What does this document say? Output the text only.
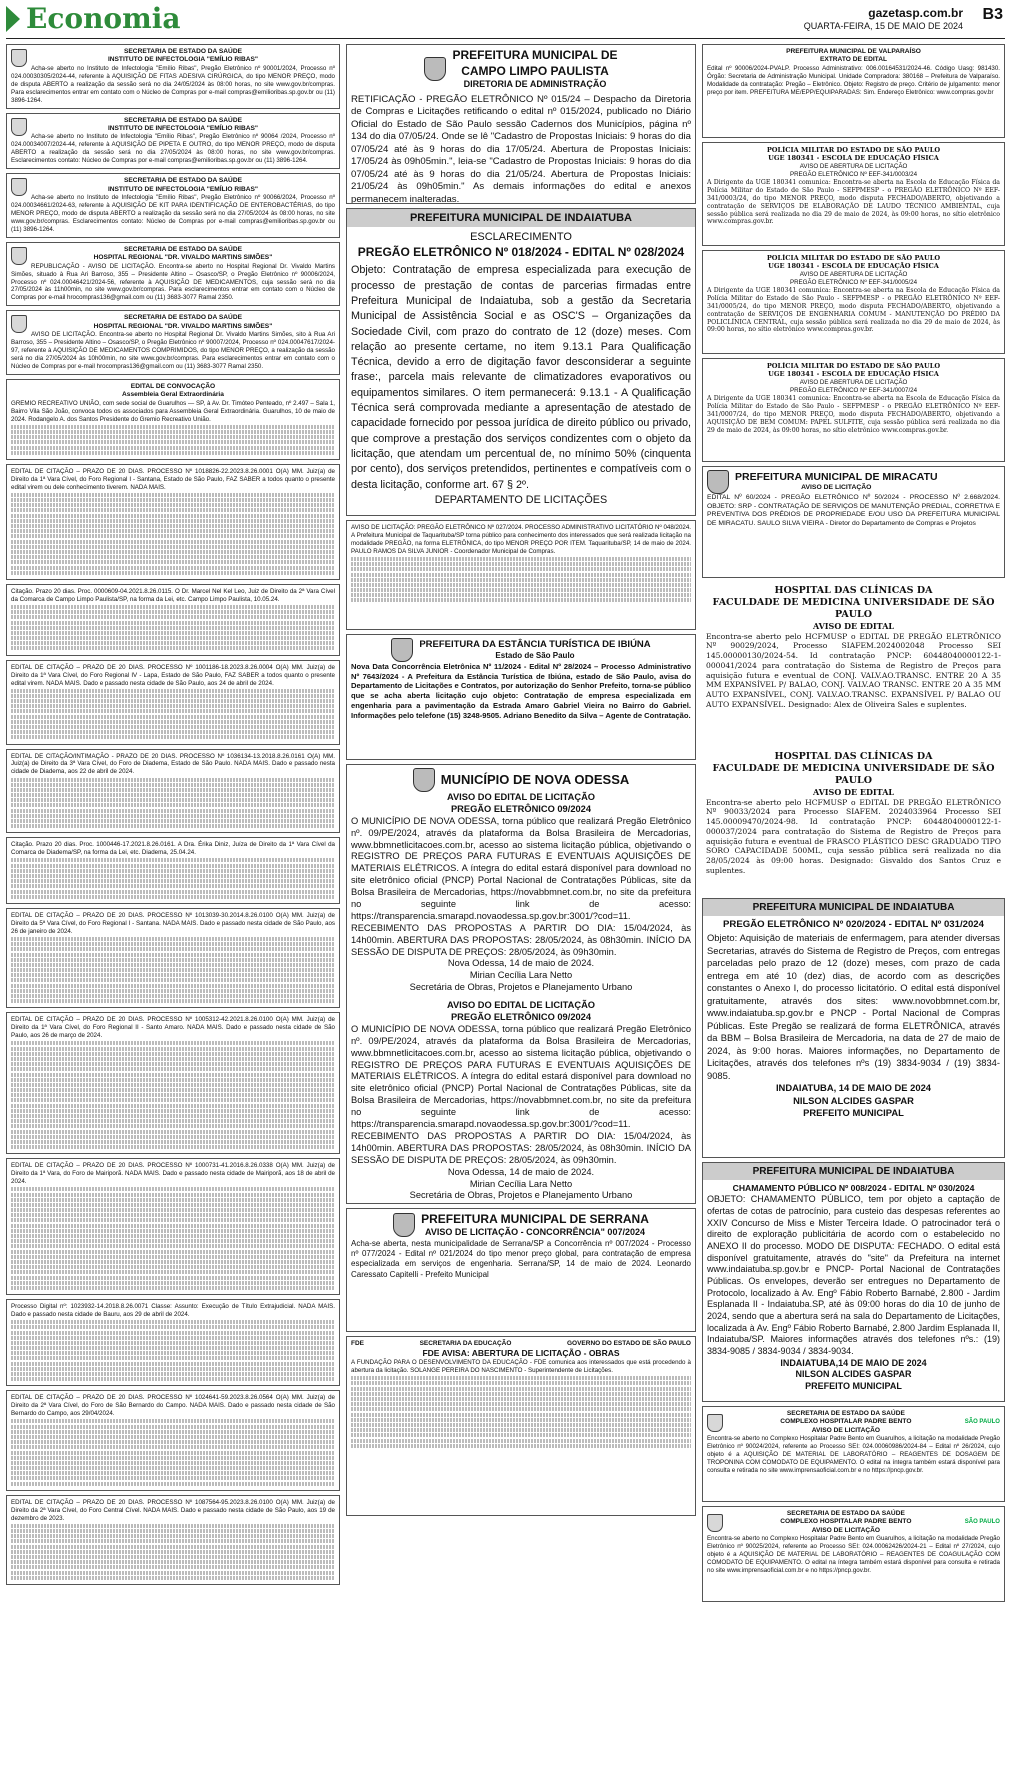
Economia	gazetasp.com.br
QUARTA-FEIRA, 15 DE MAIO DE 2024
B3
SECRETARIA DE ESTADO DA SAÚDE
INSTITUTO DE INFECTOLOGIA "EMÍLIO RIBAS"
Acha-se aberto no Instituto de Infectologia "Emílio Ribas", Pregão Eletrônico nº 90001/2024, Processo nº 024.00030305/2024-44, referente à AQUISIÇÃO DE FITAS ADESIVA CIRÚRGICA, do tipo MENOR PREÇO, modo de disputa ABERTO a realização da sessão será no dia 24/05/2024 às 08:00 horas, no site www.gov.br/compras. Para esclarecimentos entrar em contato com o Núcleo de Compras por e-mail compras@emilioribas.sp.gov.br ou (11) 3896-1264.
SECRETARIA DE ESTADO DA SAÚDE
INSTITUTO DE INFECTOLOGIA "EMÍLIO RIBAS"
Acha-se aberto no Instituto de Infectologia "Emílio Ribas", Pregão Eletrônico nº 90064 /2024, Processo nº 024.00034007/2024-44, referente à AQUISIÇÃO DE PIPETA E OUTRO, do tipo MENOR PREÇO, modo de disputa ABERTO a realização da sessão será no dia 27/05/2024 às 08:00 horas, no site www.gov.br/compras. Esclarecimentos contato: Núcleo de Compras por e-mail compras@emilioribas.sp.gov.br ou (11) 3896-1264.
SECRETARIA DE ESTADO DA SAÚDE
INSTITUTO DE INFECTOLOGIA "EMÍLIO RIBAS"
Acha-se aberto no Instituto de Infectologia "Emílio Ribas", Pregão Eletrônico nº 90066/2024, Processo nº 024.00034661/2024-63, referente à AQUISIÇÃO DE KIT PARA IDENTIFICAÇÃO DE ENTEROBACTÉRIAS, do tipo MENOR PREÇO, modo de disputa ABERTO a realização da sessão será no dia 27/05/2024 às 08:00 horas, no site www.gov.br/compras. Esclarecimentos contato: Núcleo de Compras por e-mail compras@emilioribas.sp.gov.br ou (11) 3896-1264.
SECRETARIA DE ESTADO DA SAÚDE
HOSPITAL REGIONAL "DR. VIVALDO MARTINS SIMÕES"
REPUBLICAÇÃO - AVISO DE LICITAÇÃO. Encontra-se aberto no Hospital Regional Dr. Vivaldo Martins Simões, situado à Rua Ari Barroso, 355 – Presidente Altino – Osasco/SP, o Pregão Eletrônico nº 90006/2024, Processo nº 024.00046421/2024-56, referente à AQUISIÇÃO DE MEDICAMENTOS, cuja sessão será no dia 27/05/2024 às 11h00min, no site www.gov.br/compras. Para esclarecimentos entrar em contato com o Núcleo de Compras por e-mail hrocompras136@gmail.com ou (11) 3683-3077 Ramal 2350.
SECRETARIA DE ESTADO DA SAÚDE
HOSPITAL REGIONAL "DR. VIVALDO MARTINS SIMÕES"
AVISO DE LICITAÇÃO. Encontra-se aberto no Hospital Regional Dr. Vivaldo Martins Simões, sito à Rua Ari Barroso, 355 – Presidente Altino – Osasco/SP, o Pregão Eletrônico nº 90007/2024, Processo nº 024.00047617/2024-97, referente à AQUISIÇÃO DE MEDICAMENTOS COMPRIMIDOS, do tipo MENOR PREÇO, a realização da sessão será no dia 27/05/2024 às 10h00min, no site www.gov.br/compras. Para esclarecimentos entrar em contato com o Núcleo de Compras por e-mail hrocompras136@gmail.com ou (11) 3683-3077 Ramal 2350.
EDITAL DE CONVOCAÇÃO
Assembleia Geral Extraordinária
GREMIO RECREATIVO UNIÃO, com sede social de Guarulhos — SP, à Av. Dr. Timóteo Penteado, nº 2.497 – Sala 1, Bairro Vila São João, convoca todos os associados para Assembleia Geral Extraordinária. Guarulhos, 10 de maio de 2024. Rodangelo A. dos Santos Presidente do Gremio Recreativo União.
EDITAL DE CITAÇÃO – PRAZO DE 20 DIAS. PROCESSO Nº 1018826-22.2023.8.26.0001 O(A) MM. Juiz(a) de Direito da 1ª Vara Cível, do Foro Regional I - Santana, Estado de São Paulo, FAZ SABER a todos quanto o presente edital virem ou dele conhecimento tiverem. NADA MAIS.
Citação. Prazo 20 dias. Proc. 0000609-04.2021.8.26.0115. O Dr. Marcel Nel Kel Leo, Juiz de Direito da 2ª Vara Cível da Comarca de Campo Limpo Paulista/SP, na forma da Lei, etc. Campo Limpo Paulista, 10.05.24.
EDITAL DE CITAÇÃO – PRAZO DE 20 DIAS. PROCESSO Nº 1001186-18.2023.8.26.0004 O(A) MM. Juiz(a) de Direito da 1ª Vara Cível, do Foro Regional IV - Lapa, Estado de São Paulo, FAZ SABER a todos quanto o presente edital virem. NADA MAIS. Dado e passado nesta cidade de São Paulo, aos 24 de abril de 2024.
EDITAL DE CITAÇÃO/INTIMAÇÃO - PRAZO DE 20 DIAS. PROCESSO Nº 1036134-13.2018.8.26.0161 O(A) MM. Juiz(a) de Direito da 3ª Vara Cível, do Foro de Diadema, Estado de São Paulo. NADA MAIS. Dado e passado nesta cidade de Diadema, aos 22 de abril de 2024.
Citação. Prazo 20 dias. Proc. 1000446-17.2021.8.26.0161. A Dra. Érika Diniz, Juíza de Direito da 1ª Vara Cível da Comarca de Diadema/SP, na forma da Lei, etc. Diadema, 25.04.24.
EDITAL DE CITAÇÃO – PRAZO DE 20 DIAS. PROCESSO Nº 1013039-30.2014.8.26.0100 O(A) MM. Juiz(a) de Direito da 5ª Vara Cível, do Foro Regional I - Santana. NADA MAIS. Dado e passado nesta cidade de São Paulo, aos 26 de janeiro de 2024.
EDITAL DE CITAÇÃO – PRAZO DE 20 DIAS. PROCESSO Nº 1005312-42.2021.8.26.0100 O(A) MM. Juiz(a) de Direito da 1ª Vara Cível, do Foro Regional II - Santo Amaro. NADA MAIS. Dado e passado nesta cidade de São Paulo, aos 26 de março de 2024.
EDITAL DE CITAÇÃO – PRAZO DE 20 DIAS. PROCESSO Nº 1000731-41.2016.8.26.0338 O(A) MM. Juiz(a) de Direito da 1ª Vara, do Foro de Mairiporã. NADA MAIS. Dado e passado nesta cidade de Mairiporã, aos 18 de abril de 2024.
Processo Digital nº: 1023932-14.2018.8.26.0071 Classe: Assunto: Execução de Título Extrajudicial. NADA MAIS. Dado e passado nesta cidade de Bauru, aos 29 de abril de 2024.
EDITAL DE CITAÇÃO – PRAZO DE 20 DIAS. PROCESSO Nº 1024641-59.2023.8.26.0564 O(A) MM. Juiz(a) de Direito da 2ª Vara Cível, do Foro de São Bernardo do Campo. NADA MAIS. Dado e passado nesta cidade de São Bernardo do Campo, aos 29/04/2024.
EDITAL DE CITAÇÃO – PRAZO DE 20 DIAS. PROCESSO Nº 1087564-95.2023.8.26.0100 O(A) MM. Juiz(a) de Direito da 2ª Vara Cível, do Foro Central Cível. NADA MAIS. Dado e passado nesta cidade de São Paulo, aos 19 de dezembro de 2023.
PREFEITURA MUNICIPAL DE
CAMPO LIMPO PAULISTA
DIRETORIA DE ADMINISTRAÇÃO
RETIFICAÇÃO - PREGÃO ELETRÔNICO Nº 015/24 – Despacho da Diretoria de Compras e Licitações retificando o edital nº 015/2024, publicado no Diário Oficial do Estado de São Paulo sessão Cadernos dos Municípios, página nº 134 do dia 07/05/24. Onde se lê "Cadastro de Propostas Iniciais: 9 horas do dia 07/05/24 até às 9 horas do dia 17/05/24. Abertura de Propostas Iniciais: 17/05/24 às 09h05min.", leia-se "Cadastro de Propostas Iniciais: 9 horas do dia 07/05/24 até às 9 horas do dia 21/05/24. Abertura de Propostas Iniciais: 21/05/24 às 09h05min." As demais informações do edital e anexos permanecem inalteradas.
PREFEITURA MUNICIPAL DE INDAIATUBA
ESCLARECIMENTO
PREGÃO ELETRÔNICO Nº 018/2024 - EDITAL Nº 028/2024
Objeto: Contratação de empresa especializada para execução de processo de prestação de contas de parcerias firmadas entre Prefeitura Municipal de Indaiatuba, sob a gestão da Secretaria Municipal de Assistência Social e as OSC'S – Organizações da Sociedade Civil, com prazo do contrato de 12 (doze) meses. Com relação ao presente certame, no item 9.13.1 Para Qualificação Técnica, devido a erro de digitação favor desconsiderar a seguinte frase:, parcela mais relevante de climatizadores evaporativos ou equipamentos similares. O item permanecerá: 9.13.1 - A Qualificação Técnica será comprovada mediante a apresentação de atestado de capacidade fornecido por pessoa jurídica de direito público ou privado, que comprove a prestação dos serviços condizentes com o objeto da licitação, que atendam um percentual de, no mínimo 50% (cinquenta por cento), dos serviços pretendidos, pertinentes e compatíveis com o desta licitação, conforme art. 67 § 2º.
DEPARTAMENTO DE LICITAÇÕES
AVISO DE LICITAÇÃO: PREGÃO ELETRÔNICO Nº 027/2024. PROCESSO ADMINISTRATIVO LICITATÓRIO Nº 048/2024. A Prefeitura Municipal de Taquarituba/SP torna público para conhecimento dos interessados que será realizada licitação na modalidade PREGÃO, na forma ELETRÔNICA, do tipo MENOR PREÇO POR ITEM. Taquarituba/SP, 14 de maio de 2024. PAULO RAMOS DA SILVA JUNIOR - Coordenador Municipal de Compras.
PREFEITURA DA ESTÂNCIA TURÍSTICA DE IBIÚNA
Estado de São Paulo
Nova Data Concorrência Eletrônica Nº 11/2024 - Edital Nº 28/2024 – Processo Administrativo Nº 7643/2024 - A Prefeitura da Estância Turística de Ibiúna, estado de São Paulo, avisa do Departamento de Licitações e Contratos, por autorização do Senhor Prefeito, torna-se público que se acha aberta licitação cujo objeto: Contratação de empresa especializada em engenharia para a pavimentação da Estrada Amaro Gabriel Vieira no Bairro do Gabriel. Informações pelo telefone (15) 3248-9505. Adriano Benedito da Silva – Agente de Contratação.
MUNICÍPIO DE NOVA ODESSA
AVISO DO EDITAL DE LICITAÇÃO
PREGÃO ELETRÔNICO 09/2024
O MUNICÍPIO DE NOVA ODESSA, torna público que realizará Pregão Eletrônico nº. 09/PE/2024, através da plataforma da Bolsa Brasileira de Mercadorias, www.bbmnetlicitacoes.com.br, acesso ao sistema licitação pública, objetivando o REGISTRO DE PREÇOS PARA FUTURAS E EVENTUAIS AQUISIÇÕES DE MATERIAIS ELÉTRICOS. A íntegra do edital estará disponível para download no site eletrônico oficial (PNCP) Portal Nacional de Contratações Públicas, site da Bolsa Brasileira de Mercadorias, https://novabbmnet.com.br, no site da prefeitura no seguinte link de acesso: https://transparencia.smarapd.novaodessa.sp.gov.br:3001/?cod=11. RECEBIMENTO DAS PROPOSTAS A PARTIR DO DIA: 15/04/2024, às 14h00min. ABERTURA DAS PROPOSTAS: 28/05/2024, às 08h30min. INÍCIO DA SESSÃO DE DISPUTA DE PREÇOS: 28/05/2024, às 09h30min.
Nova Odessa, 14 de maio de 2024.
Mirian Cecília Lara Netto
Secretária de Obras, Projetos e Planejamento Urbano
AVISO DO EDITAL DE LICITAÇÃO
PREGÃO ELETRÔNICO 09/2024
O MUNICÍPIO DE NOVA ODESSA, torna público que realizará Pregão Eletrônico nº. 09/PE/2024, através da plataforma da Bolsa Brasileira de Mercadorias, www.bbmnetlicitacoes.com.br, acesso ao sistema licitação pública, objetivando o REGISTRO DE PREÇOS PARA FUTURAS E EVENTUAIS AQUISIÇÕES DE MATERIAIS ELÉTRICOS. A íntegra do edital estará disponível para download no site eletrônico oficial (PNCP) Portal Nacional de Contratações Públicas, site da Bolsa Brasileira de Mercadorias, https://novabbmnet.com.br, no site da prefeitura no seguinte link de acesso: https://transparencia.smarapd.novaodessa.sp.gov.br:3001/?cod=11. RECEBIMENTO DAS PROPOSTAS A PARTIR DO DIA: 15/04/2024, às 14h00min. ABERTURA DAS PROPOSTAS: 28/05/2024, às 08h30min. INÍCIO DA SESSÃO DE DISPUTA DE PREÇOS: 28/05/2024, às 09h30min.
Nova Odessa, 14 de maio de 2024.
Mirian Cecília Lara Netto
Secretária de Obras, Projetos e Planejamento Urbano
PREFEITURA MUNICIPAL DE SERRANA
AVISO DE LICITAÇÃO - CONCORRÊNCIA" 007/2024
Acha-se aberta, nesta municipalidade de Serrana/SP a Concorrência nº 007/2024 - Processo nº 077/2024 - Edital nº 021/2024 do tipo menor preço global, para contratação de empresa especializada em serviços de engenharia. Serrana/SP, 14 de maio de 2024. Leonardo Caressato Capitelli - Prefeito Municipal
FDE	SECRETARIA DA EDUCAÇÃO	GOVERNO DO ESTADO DE SÃO PAULO
FDE AVISA: ABERTURA DE LICITAÇÃO - OBRAS
A FUNDAÇÃO PARA O DESENVOLVIMENTO DA EDUCAÇÃO - FDE comunica aos interessados que está procedendo à abertura da licitação. SOLANGE PEREIRA DO NASCIMENTO - Superintendente de Licitações.
PREFEITURA MUNICIPAL DE VALPARAÍSO
EXTRATO DE EDITAL
Edital nº 90006/2024-PVALP. Processo Administrativo: 006.00164531/2024-46. Código Uasg: 981430. Órgão: Secretaria de Administração Municipal. Unidade Compradora: 380168 – Prefeitura de Valparaíso. Modalidade da contratação: Pregão – Eletrônico. Objeto: Registro de preço. Critério de julgamento: menor preço por item. PREFEITURA ME/EPP/EQUIPARADAS: Sim. Endereço Eletrônico: www.compras.gov.br
POLÍCIA MILITAR DO ESTADO DE SÃO PAULO
UGE 180341 - ESCOLA DE EDUCAÇÃO FÍSICA
AVISO DE ABERTURA DE LICITAÇÃO
PREGÃO ELETRÔNICO Nº EEF-341/0003/24
A Dirigente da UGE 180341 comunica: Encontra-se aberta na Escola de Educação Física da Polícia Militar do Estado de São Paulo - SEFPMESP - o PREGÃO ELETRÔNICO Nº EEF-341/0003/24, do tipo MENOR PREÇO, modo disputa FECHADO/ABERTO, objetivando a contratação de SERVIÇOS DE ELABORAÇÃO DE LAUDO TÉCNICO AMBIENTAL, cuja sessão pública será realizada no dia 29 de maio de 2024, às 09:00 horas, no sítio eletrônico www.compras.gov.br.
POLÍCIA MILITAR DO ESTADO DE SÃO PAULO
UGE 180341 - ESCOLA DE EDUCAÇÃO FÍSICA
AVISO DE ABERTURA DE LICITAÇÃO
PREGÃO ELETRÔNICO Nº EEF-341/0005/24
A Dirigente da UGE 180341 comunica: Encontra-se aberta na Escola de Educação Física da Polícia Militar do Estado de São Paulo - SEFPMESP - o PREGÃO ELETRÔNICO Nº EEF-341/0005/24, do tipo MENOR PREÇO, modo disputa FECHADO/ABERTO, objetivando a contratação de SERVIÇOS DE ENGENHARIA COMUM - MANUTENÇÃO DO PRÉDIO DA POLICLÍNICA CENTRAL, cuja sessão pública será realizada no dia 29 de maio de 2024, às 09:00 horas, no sítio eletrônico www.compras.gov.br.
POLÍCIA MILITAR DO ESTADO DE SÃO PAULO
UGE 180341 - ESCOLA DE EDUCAÇÃO FÍSICA
AVISO DE ABERTURA DE LICITAÇÃO
PREGÃO ELETRÔNICO Nº EEF-341/0007/24
A Dirigente da UGE 180341 comunica: Encontra-se aberta na Escola de Educação Física da Polícia Militar do Estado de São Paulo - SEFPMESP - o PREGÃO ELETRÔNICO Nº EEF-341/0007/24, do tipo MENOR PREÇO, modo disputa FECHADO/ABERTO, objetivando a AQUISIÇÃO DE BEM COMUM: PAPEL SULFITE, cuja sessão pública será realizada no dia 29 de maio de 2024, às 09:00 horas, no sítio eletrônico www.compras.gov.br.
PREFEITURA MUNICIPAL DE MIRACATU
AVISO DE LICITAÇÃO
EDITAL Nº 60/2024 - PREGÃO ELETRÔNICO Nº 50/2024 - PROCESSO Nº 2.668/2024. OBJETO: SRP - CONTRATAÇÃO DE SERVIÇOS DE MANUTENÇÃO PREDIAL, CORRETIVA E PREVENTIVA DOS PRÉDIOS DE PROPRIEDADE E/OU USO DA PREFEITURA MUNICIPAL DE MIRACATU. SAULO SILVA VIEIRA - Diretor do Departamento de Compras e Projetos
HOSPITAL DAS CLÍNICAS DA
FACULDADE DE MEDICINA UNIVERSIDADE DE SÃO PAULO
AVISO DE EDITAL
Encontra-se aberto pelo HCFMUSP o EDITAL DE PREGÃO ELETRÔNICO Nº 90029/2024, Processo SIAFEM.2024002048 Processo SEI 145.00000130/2024-54. Id contratação PNCP: 60448040000122-1-000041/2024 para contratação do Sistema de Registro de Preços para aquisição futura e eventual de CONJ. VALV.AO.TRANSC. ENTRE 20 A 35 MM EXPANSÍVEL P/ BALAO, CONJ. VALV.AO TRANSC. ENTRE 20 A 35 MM AUTO EXPANSÍVEL, CONJ. VALV.AO.TRANSC. EXPANSÍVEL P/ BALAO OU AUTO EXPANSÍVEL. Designado: Alex de Oliveira Sales e suplentes.
HOSPITAL DAS CLÍNICAS DA
FACULDADE DE MEDICINA UNIVERSIDADE DE SÃO PAULO
AVISO DE EDITAL
Encontra-se aberto pelo HCFMUSP o EDITAL DE PREGÃO ELETRÔNICO Nº 90033/2024 para Processo SIAFEM. 2024033964 Processo SEI 145.00009470/2024-98. Id contratação PNCP: 60448040000122-1-000037/2024 para contratação do Sistema de Registro de Preços para aquisição futura e eventual de FRASCO PLÁSTICO DESC GRADUADO TIPO SORO CAPACIDADE 500ML, cuja sessão pública será realizada no dia 28/05/2024 às 09:00 horas. Designado: Gisvaldo dos Santos Cruz e suplentes.
PREFEITURA MUNICIPAL DE INDAIATUBA
PREGÃO ELETRÔNICO Nº 020/2024 - EDITAL Nº 031/2024
Objeto: Aquisição de materiais de enfermagem, para atender diversas Secretarias, através do Sistema de Registro de Preços, com entregas parceladas pelo prazo de 12 (doze) meses, com prazo de cada entrega em até 10 (dez) dias, de acordo com as descrições constantes o Anexo I, do processo licitatório. O edital está disponível gratuitamente, através dos sites: www.novobbmnet.com.br, www.indaiatuba.sp.gov.br e PNCP - Portal Nacional de Compras Públicas. Este Pregão se realizará de forma ELETRÔNICA, através da BBM – Bolsa Brasileira de Mercadoria, na data de 27 de maio de 2024, às 9:00 horas. Maiores informações, no Departamento de Licitações, através dos telefones nºs (19) 3834-9034 / (19) 3834-9085.
INDAIATUBA, 14 DE MAIO DE 2024
NILSON ALCIDES GASPAR
PREFEITO MUNICIPAL
PREFEITURA MUNICIPAL DE INDAIATUBA
CHAMAMENTO PÚBLICO Nº 008/2024 - EDITAL Nº 030/2024
OBJETO: CHAMAMENTO PÚBLICO, tem por objeto a captação de ofertas de cotas de patrocínio, para custeio das despesas referentes ao XXIV Concurso de Miss e Mister Terceira Idade. O patrocinador terá o direito de exploração publicitária de acordo com o estabelecido no ANEXO II do processo. MODO DE DISPUTA: FECHADO. O edital está disponível gratuitamente, através do "site" da Prefeitura na internet www.indaiatuba.sp.gov.br e PNCP- Portal Nacional de Contratações Públicas. Os envelopes, deverão ser entregues no Departamento de Protocolo, localizado à Av. Engº Fábio Roberto Barnabé, 2.800 - Jardim Esplanada II - Indaiatuba.SP, até às 09:00 horas do dia 10 de junho de 2024, sendo que a abertura será na sala do Departamento de Licitações, localizada à Av. Engº Fábio Roberto Barnabé, 2.800 Jardim Esplanada II, Indaiatuba/SP. Maiores informações através dos telefones nºs.: (19) 3834-9085 / 3834-9034 / 3834-9034.
INDAIATUBA,14 DE MAIO DE 2024
NILSON ALCIDES GASPAR
PREFEITO MUNICIPAL
SECRETARIA DE ESTADO DA SAÚDE
COMPLEXO HOSPITALAR PADRE BENTO
AVISO DE LICITAÇÃO
SÃO PAULO
Encontra-se aberto no Complexo Hospitalar Padre Bento em Guarulhos, a licitação na modalidade Pregão Eletrônico nº 90024/2024, referente ao Processo SEI: 024.00060986/2024-84 – Edital nº 26/2024, cujo objeto é a AQUISIÇÃO DE MATERIAL DE LABORATÓRIO – REAGENTES DE DOSAGEM DE TROPONINA COM COMODATO DE EQUIPAMENTO. O edital na íntegra também estará disponível para consulta e retirada no site www.imprensaoficial.com.br e no https://pncp.gov.br.
SECRETARIA DE ESTADO DA SAÚDE
COMPLEXO HOSPITALAR PADRE BENTO
AVISO DE LICITAÇÃO
SÃO PAULO
Encontra-se aberto no Complexo Hospitalar Padre Bento em Guarulhos, a licitação na modalidade Pregão Eletrônico nº 90025/2024, referente ao Processo SEI: 024.00062426/2024-21 – Edital nº 27/2024, cujo objeto é a AQUISIÇÃO DE MATERIAL DE LABORATÓRIO – REAGENTES DE COAGULAÇÃO COM COMODATO DE EQUIPAMENTO. O edital na íntegra também estará disponível para consulta e retirada no site www.imprensaoficial.com.br e no https://pncp.gov.br.
